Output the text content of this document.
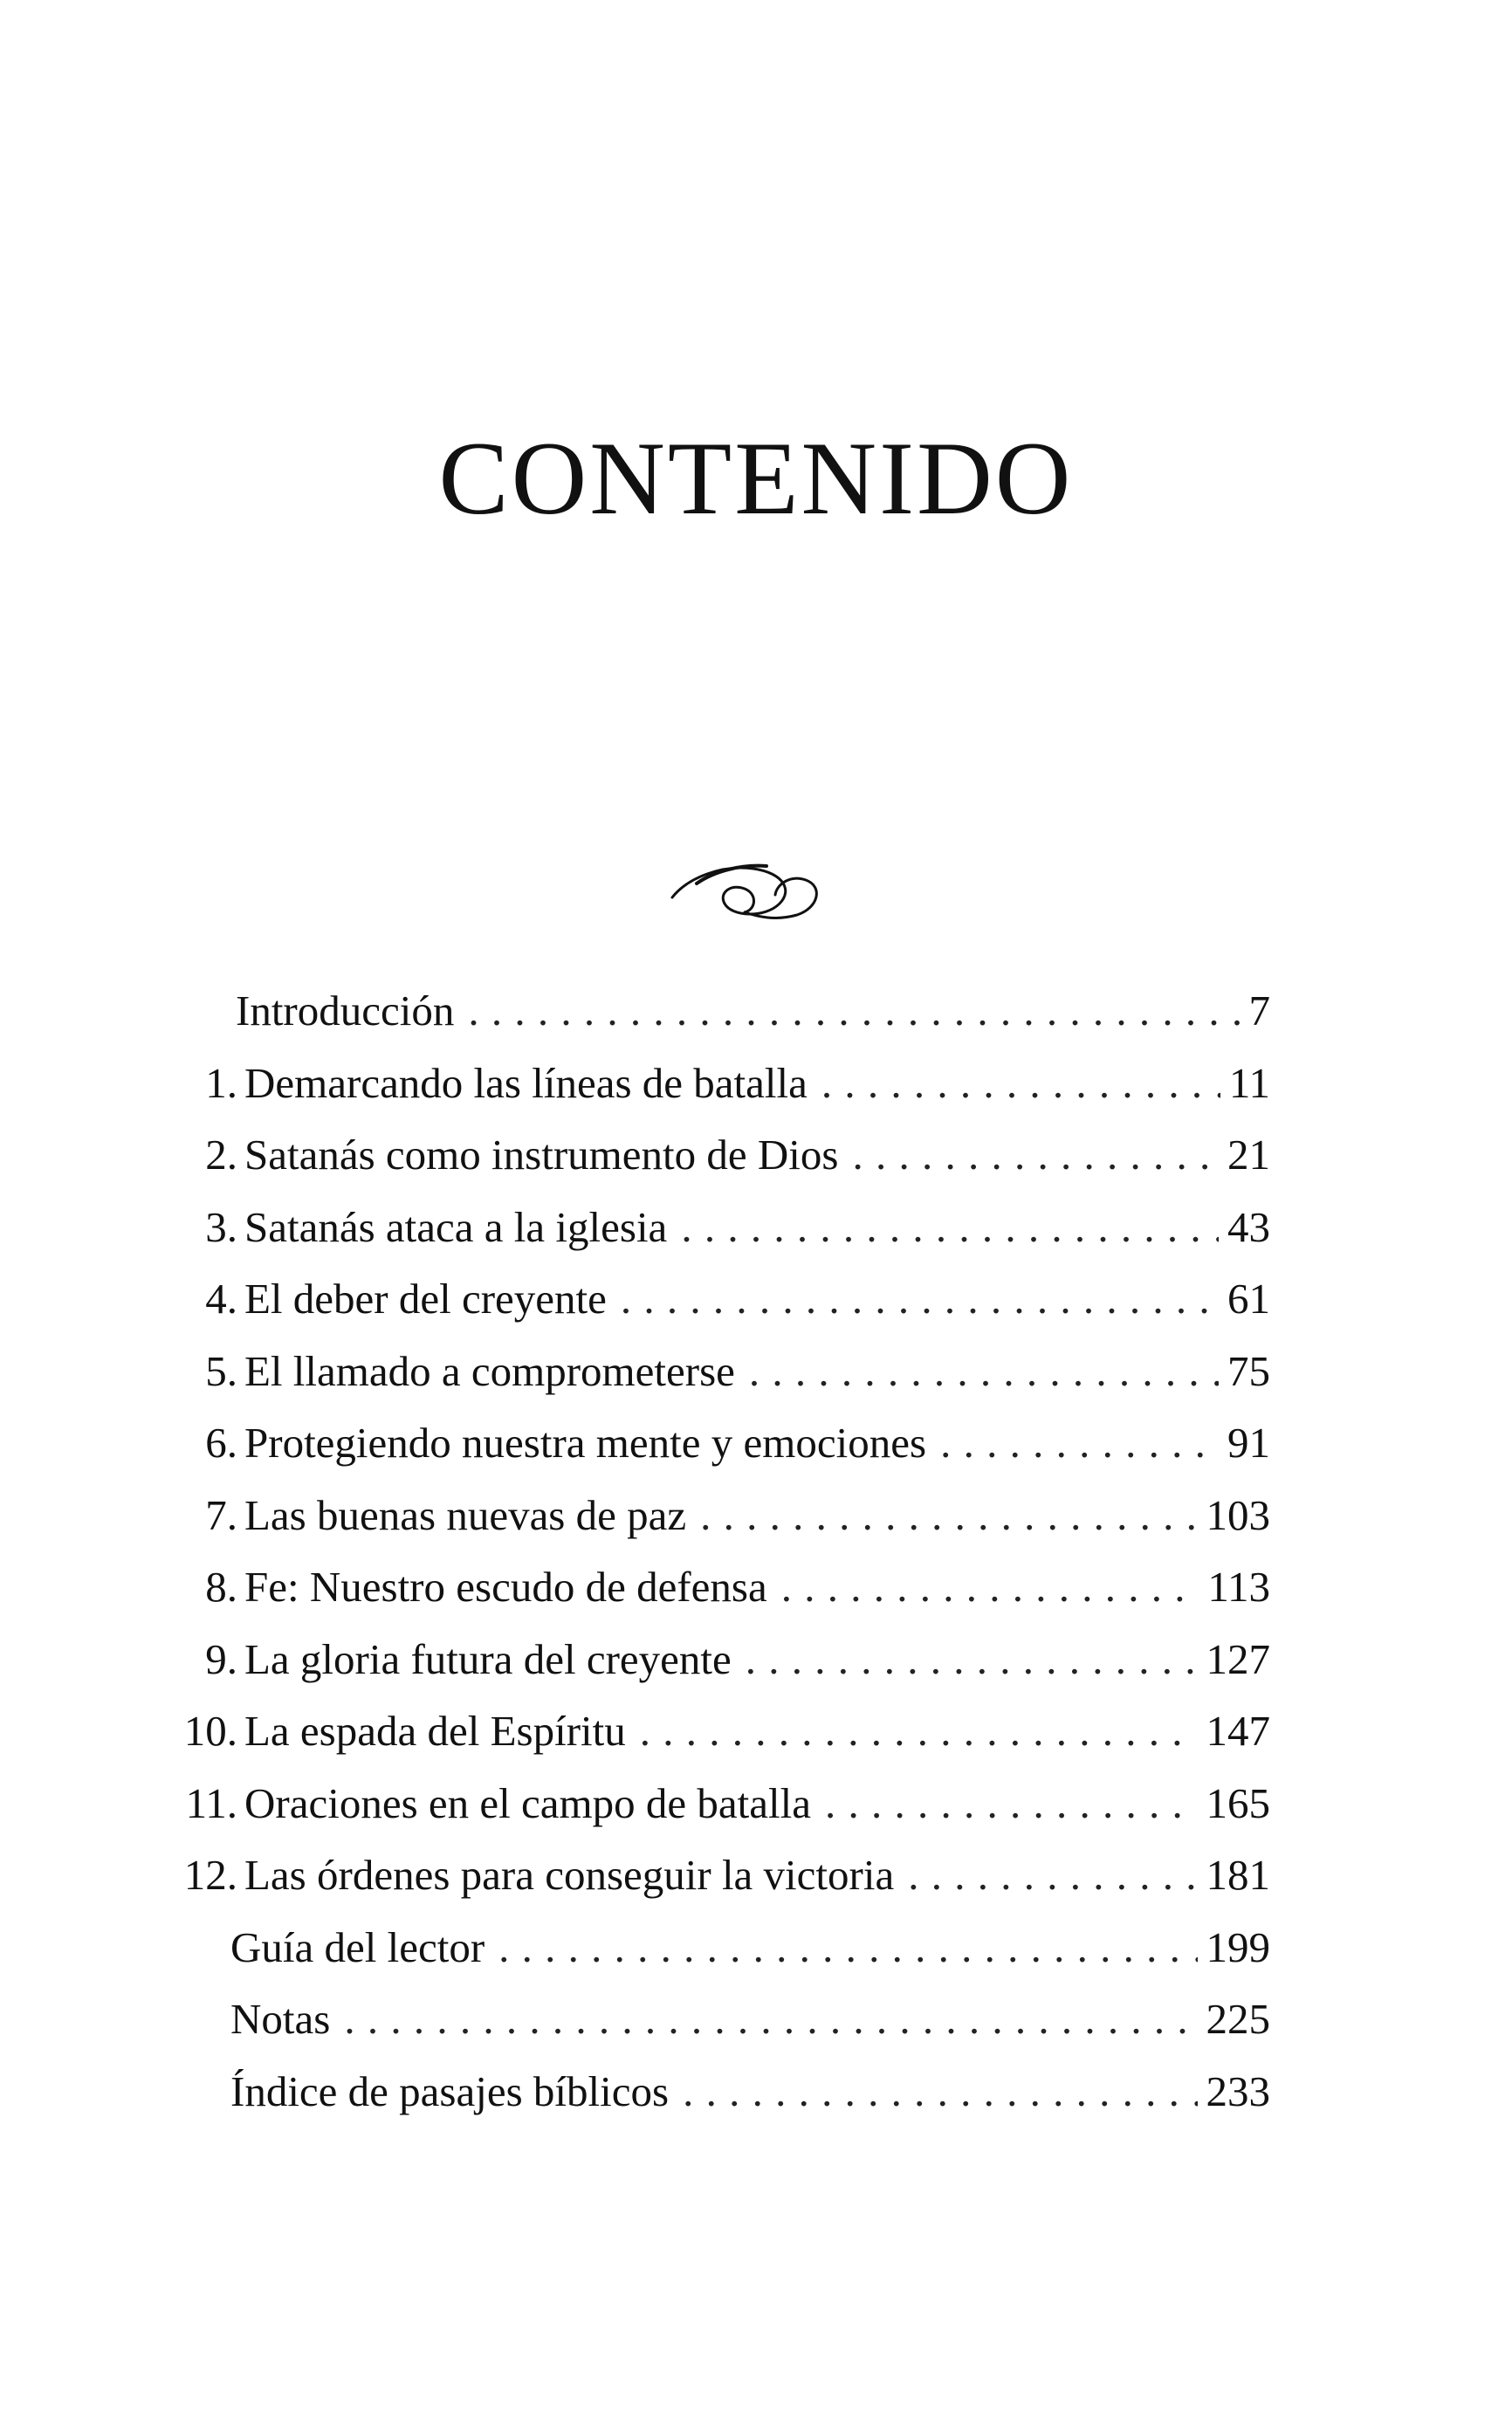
CONTENIDO
Introducción . . .	7
1. Demarcando las líneas de batalla . . .	11
2. Satanás como instrumento de Dios . . .	21
3. Satanás ataca a la iglesia . . .	43
4. El deber del creyente . . .	61
5. El llamado a comprometerse . . .	75
6. Protegiendo nuestra mente y emociones . . .	91
7. Las buenas nuevas de paz . . .	103
8. Fe: Nuestro escudo de defensa . . .	113
9. La gloria futura del creyente . . .	127
10. La espada del Espíritu . . .	147
11. Oraciones en el campo de batalla . . .	165
12. Las órdenes para conseguir la victoria . . .	181
Guía del lector . . .	199
Notas . . .	225
Índice de pasajes bíblicos . . .	233
